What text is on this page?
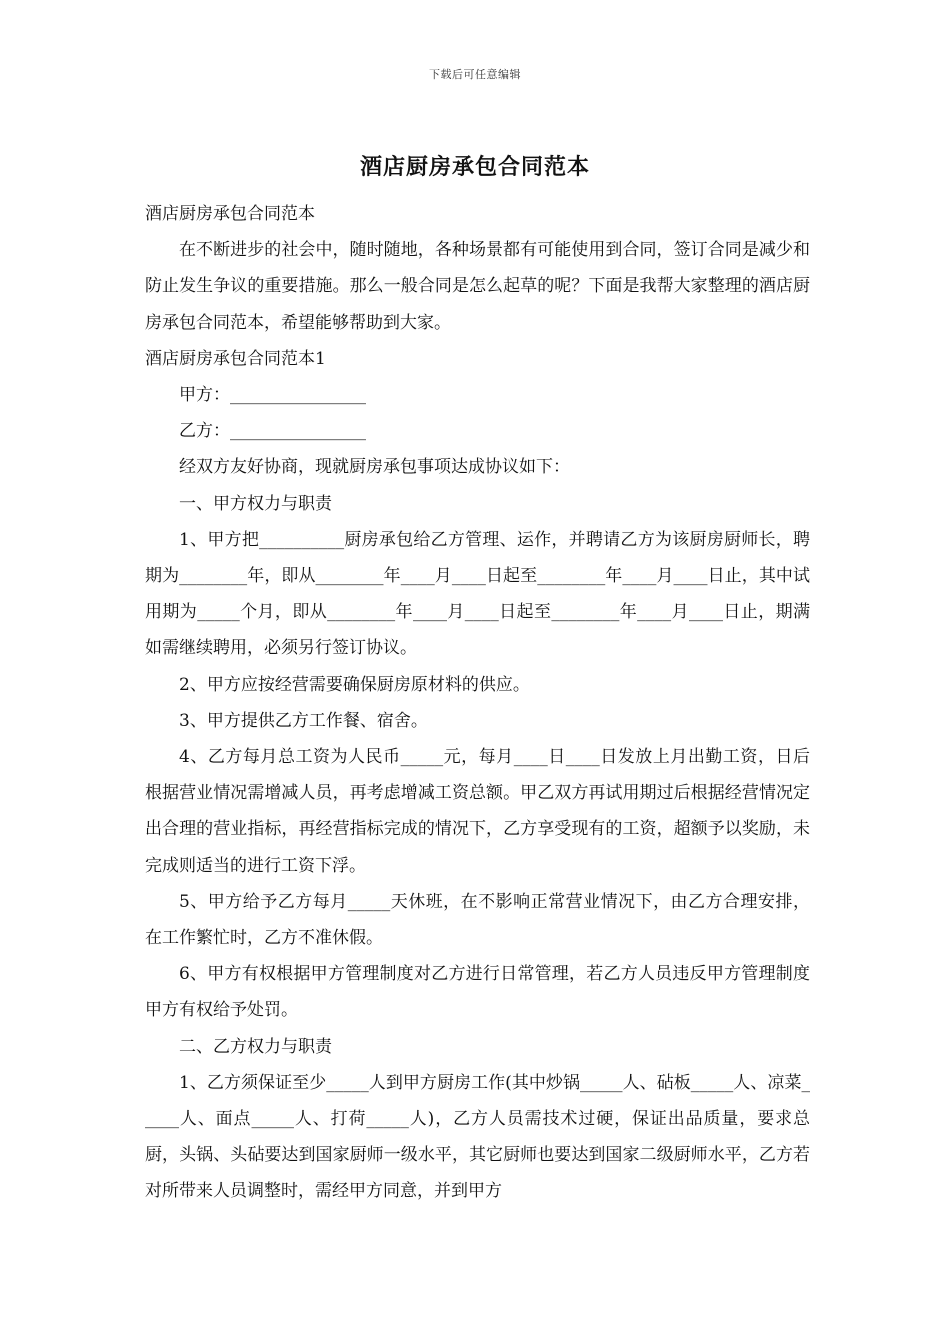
下载后可任意编辑
酒店厨房承包合同范本

酒店厨房承包合同范本

在不断进步的社会中，随时随地，各种场景都有可能使用到合同，签订合同是减少和防止发生争议的重要措施。那么一般合同是怎么起草的呢？下面是我帮大家整理的酒店厨房承包合同范本，希望能够帮助到大家。

酒店厨房承包合同范本1

甲方：________________

乙方：________________

经双方友好协商，现就厨房承包事项达成协议如下：

一、甲方权力与职责

1、甲方把__________厨房承包给乙方管理、运作，并聘请乙方为该厨房厨师长，聘期为________年，即从________年____月____日起至________年____月____日止，其中试用期为_____个月，即从________年____月____日起至________年____月____日止，期满如需继续聘用，必须另行签订协议。

2、甲方应按经营需要确保厨房原材料的供应。

3、甲方提供乙方工作餐、宿舍。

4、乙方每月总工资为人民币_____元，每月____日____日发放上月出勤工资，日后根据营业情况需增减人员，再考虑增减工资总额。甲乙双方再试用期过后根据经营情况定出合理的营业指标，再经营指标完成的情况下，乙方享受现有的工资，超额予以奖励，未完成则适当的进行工资下浮。

5、甲方给予乙方每月_____天休班，在不影响正常营业情况下，由乙方合理安排，在工作繁忙时，乙方不准休假。

6、甲方有权根据甲方管理制度对乙方进行日常管理，若乙方人员违反甲方管理制度甲方有权给予处罚。

二、乙方权力与职责

1、乙方须保证至少_____人到甲方厨房工作(其中炒锅_____人、砧板_____人、凉菜_____人、面点_____人、打荷_____人)，乙方人员需技术过硬，保证出品质量，要求总厨，头锅、头砧要达到国家厨师一级水平，其它厨师也要达到国家二级厨师水平，乙方若对所带来人员调整时，需经甲方同意，并到甲方
